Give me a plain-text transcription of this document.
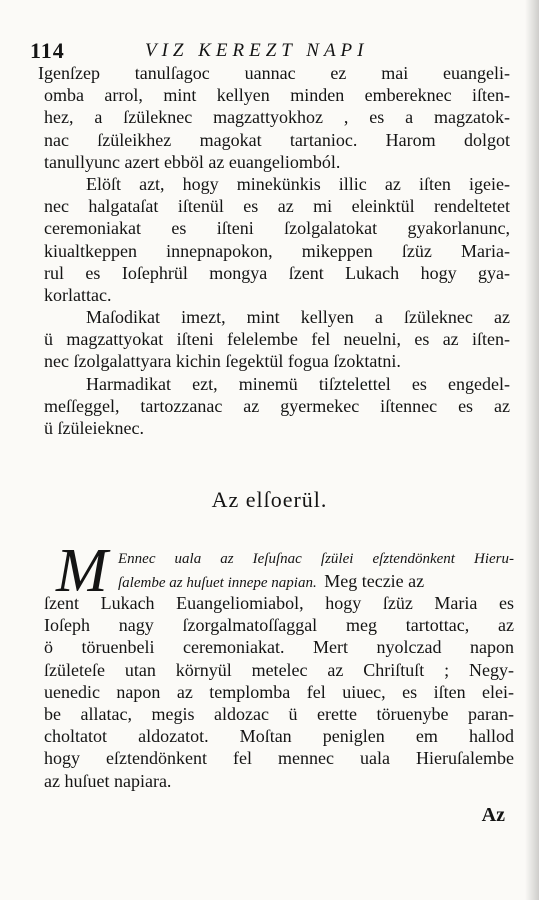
114	VIZ KEREZT NAPI

Igenſzep tanulſagoc uannac ez mai euangeli-
omba arrol, mint kellyen minden embereknec iſten-
hez, a ſzüleknec magzattyokhoz , es a magzatok-
nac ſzüleikhez magokat tartanioc. Harom dolgot
tanullyunc azert ebböl az euangeliomból.

Elöſt azt, hogy minekünkis illic az iſten igeie-
nec halgataſat iſtenül es az mi eleinktül rendeltetet
ceremoniakat es iſteni ſzolgalatokat gyakorlanunc,
kiualtkeppen innepnapokon, mikeppen ſzüz Maria-
rul es Ioſephrül mongya ſzent Lukach hogy gya-
korlattac.

Maſodikat imezt, mint kellyen a ſzüleknec az
ü magzattyokat iſteni felelembe fel neuelni, es az iſten-
nec ſzolgalattyara kichin ſegektül fogua ſzoktatni.

Harmadikat ezt, minemü tiſztelettel es engedel-
meſſeggel, tartozzanac az gyermekec iſtennec es az
ü ſzüleieknec.

Az elſoerül.
M Ennec uala az Ieſuſnac ſzülei eſztendönkent Hieru-
ſalembe az huſuet innepe napian. Meg teczie az
ſzent Lukach Euangeliomiabol, hogy ſzüz Maria es
Ioſeph nagy ſzorgalmatoſſaggal meg tartottac, az
ö töruenbeli ceremoniakat. Mert nyolczad napon
ſzületeſe utan környül metelec az Chriſtuſt ; Negy-
uenedic napon az templomba fel uiuec, es iſten elei-
be allatac, megis aldozac ü erette töruenybe paran-
choltatot aldozatot. Moſtan peniglen em hallod
hogy eſztendönkent fel mennec uala Hieruſalembe
az huſuet napiara.
Az
